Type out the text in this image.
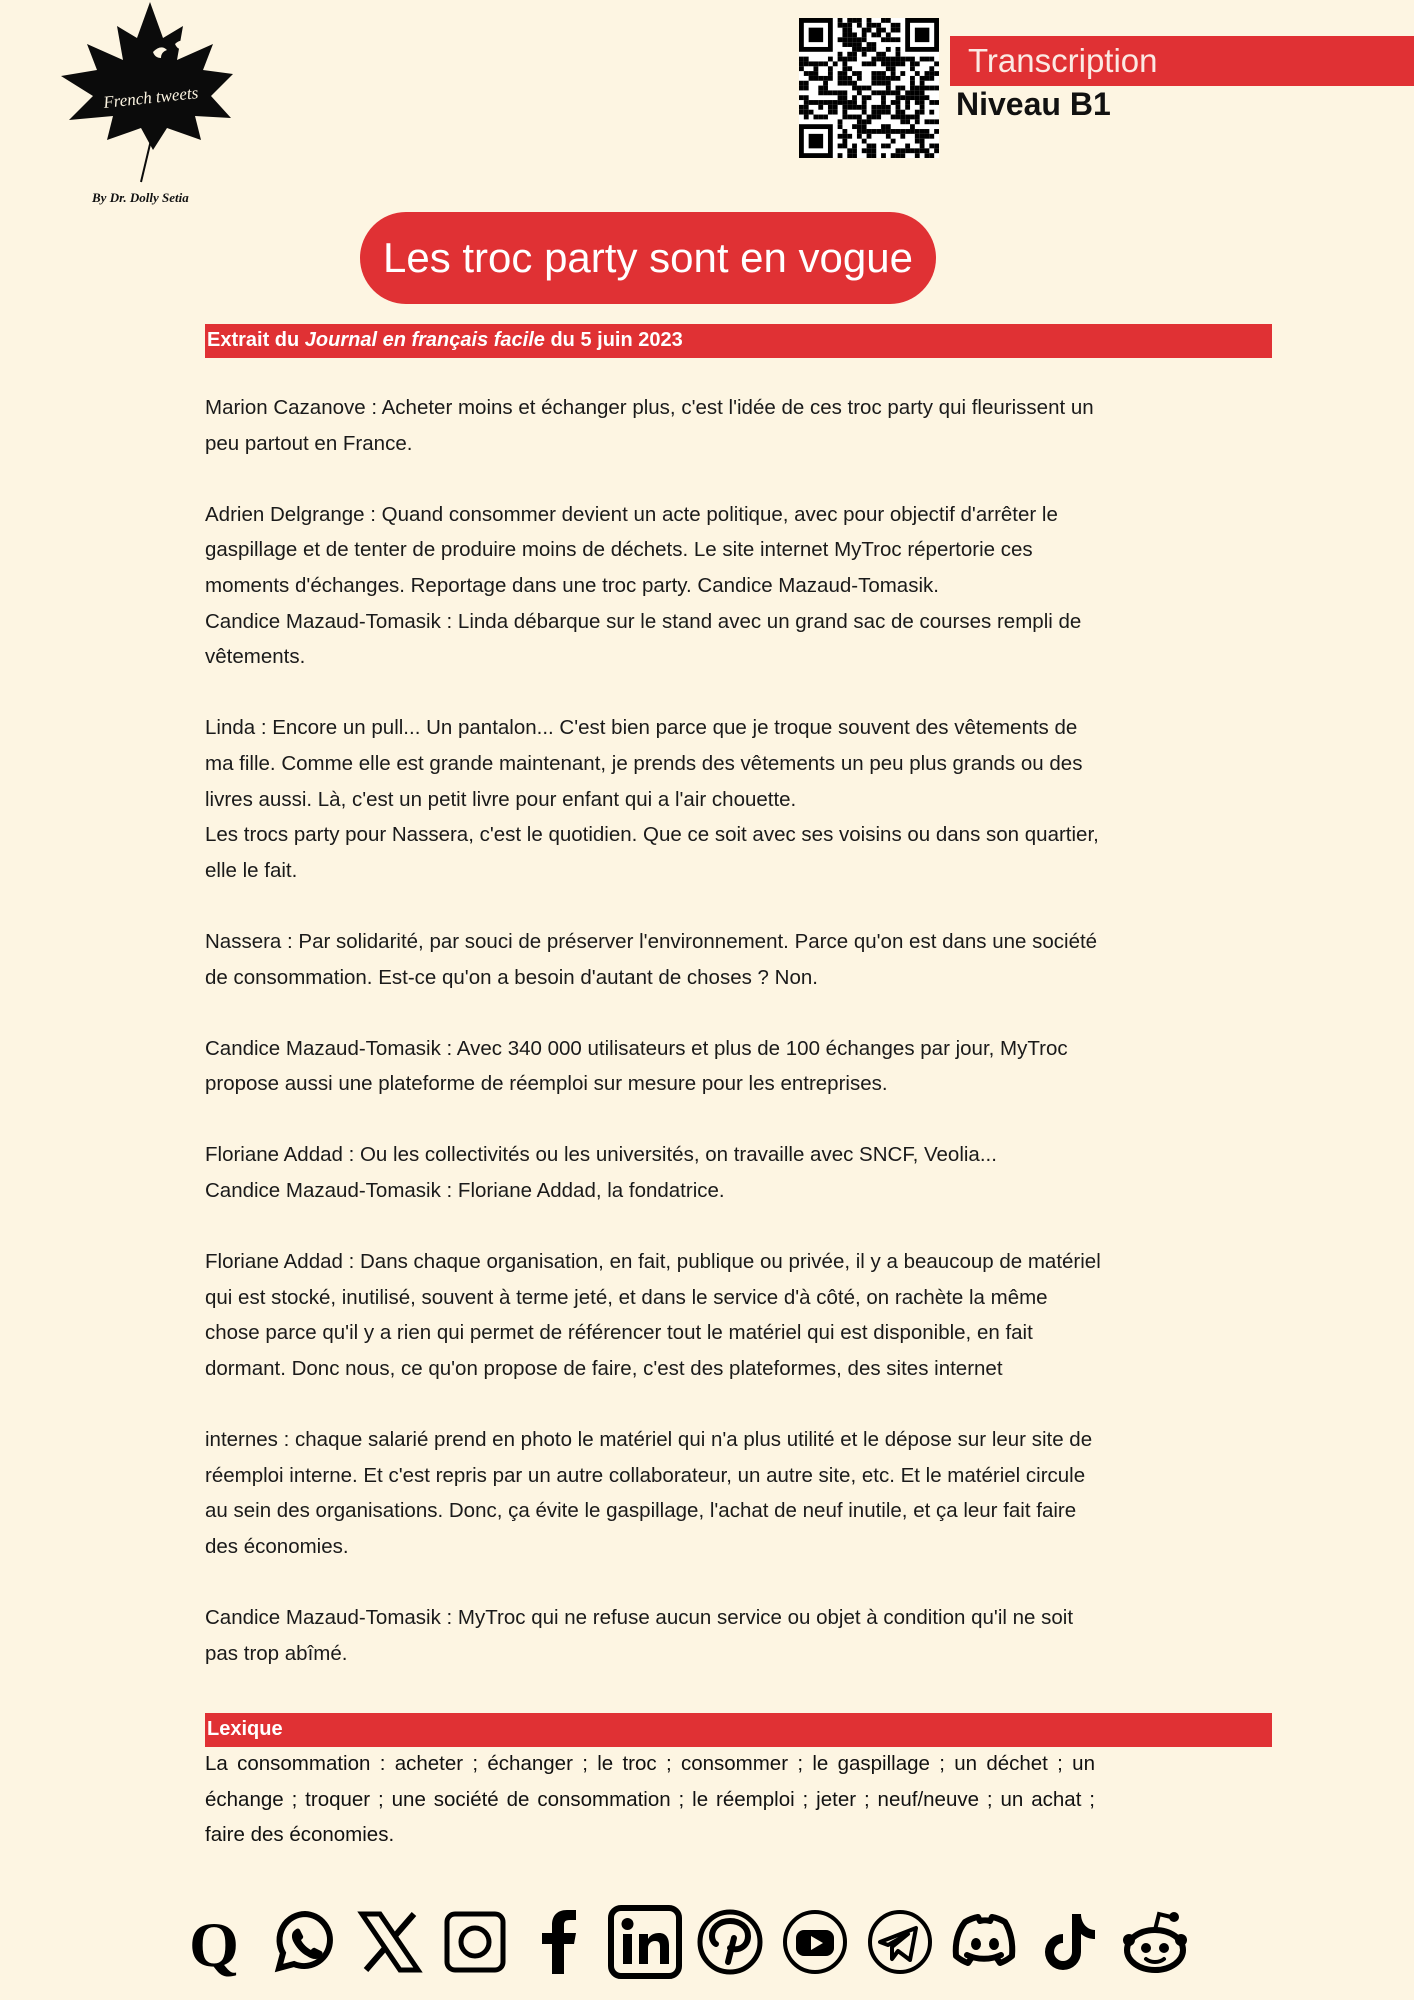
French tweets
By Dr. Dolly Setia
Transcription
Niveau B1
Les troc party sont en vogue
Extrait du Journal en français facile du 5 juin 2023

Marion Cazanove : Acheter moins et échanger plus, c'est l'idée de ces troc party qui fleurissent un peu partout en France.

Adrien Delgrange : Quand consommer devient un acte politique, avec pour objectif d'arrêter le gaspillage et de tenter de produire moins de déchets. Le site internet MyTroc répertorie ces moments d'échanges. Reportage dans une troc party. Candice Mazaud-Tomasik.

Candice Mazaud-Tomasik : Linda débarque sur le stand avec un grand sac de courses rempli de vêtements.

Linda : Encore un pull... Un pantalon... C'est bien parce que je troque souvent des vêtements de ma fille. Comme elle est grande maintenant, je prends des vêtements un peu plus grands ou des livres aussi. Là, c'est un petit livre pour enfant qui a l'air chouette.

Les trocs party pour Nassera, c'est le quotidien. Que ce soit avec ses voisins ou dans son quartier, elle le fait.

Nassera : Par solidarité, par souci de préserver l'environnement. Parce qu'on est dans une société de consommation. Est-ce qu'on a besoin d'autant de choses ? Non.

Candice Mazaud-Tomasik : Avec 340 000 utilisateurs et plus de 100 échanges par jour, MyTroc propose aussi une plateforme de réemploi sur mesure pour les entreprises.

Floriane Addad : Ou les collectivités ou les universités, on travaille avec SNCF, Veolia...

Candice Mazaud-Tomasik : Floriane Addad, la fondatrice.

Floriane Addad : Dans chaque organisation, en fait, publique ou privée, il y a beaucoup de matériel qui est stocké, inutilisé, souvent à terme jeté, et dans le service d'à côté, on rachète la même chose parce qu'il y a rien qui permet de référencer tout le matériel qui est disponible, en fait dormant. Donc nous, ce qu'on propose de faire, c'est des plateformes, des sites internet

internes : chaque salarié prend en photo le matériel qui n'a plus utilité et le dépose sur leur site de réemploi interne. Et c'est repris par un autre collaborateur, un autre site, etc. Et le matériel circule au sein des organisations. Donc, ça évite le gaspillage, l'achat de neuf inutile, et ça leur fait faire des économies.

Candice Mazaud-Tomasik : MyTroc qui ne refuse aucun service ou objet à condition qu'il ne soit pas trop abîmé.

Lexique
La consommation : acheter ; échanger ; le troc ; consommer ; le gaspillage ; un déchet ; un échange ; troquer ; une société de consommation ; le réemploi ; jeter ; neuf/neuve ; un achat ; faire des économies.
Q
